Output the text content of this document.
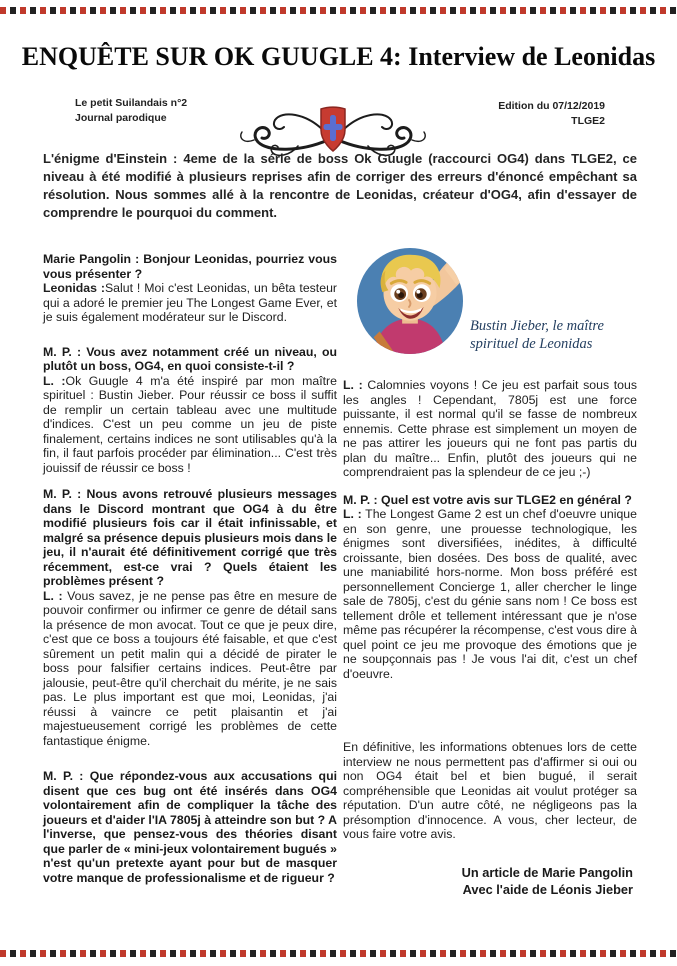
ENQUÊTE SUR OK GUUGLE 4: Interview de Leonidas
Le petit Suilandais n°2
Journal parodique
Edition du 07/12/2019
TLGE2

L'énigme d'Einstein : 4eme de la série de boss Ok Guugle (raccourci OG4) dans TLGE2, ce niveau à été modifié à plusieurs reprises afin de corriger des erreurs d'énoncé empêchant sa résolution. Nous sommes allé à la rencontre de Leonidas, créateur d'OG4, afin d'essayer de comprendre le pourquoi du comment.

Marie Pangolin : Bonjour Leonidas, pourriez vous vous présenter ?

Leonidas :Salut ! Moi c'est Leonidas, un bêta testeur qui a adoré le premier jeu The Longest Game Ever, et je suis également modérateur sur le Discord.

M. P. : Vous avez notamment créé un niveau, ou plutôt un boss, OG4, en quoi consiste-t-il ?

L. :Ok Guugle 4 m'a été inspiré par mon maître spirituel : Bustin Jieber. Pour réussir ce boss il suffit de remplir un certain tableau avec une multitude d'indices. C'est un peu comme un jeu de piste finalement, certains indices ne sont utilisables qu'à la fin, il faut parfois procéder par élimination... C'est très jouissif de réussir ce boss !

M. P. : Nous avons retrouvé plusieurs messages dans le Discord montrant que OG4 à du être modifié plusieurs fois car il était infinissable, et malgré sa présence depuis plusieurs mois dans le jeu, il n'aurait été définitivement corrigé que très récemment, est-ce vrai ? Quels étaient les problèmes présent ?

L. : Vous savez, je ne pense pas être en mesure de pouvoir confirmer ou infirmer ce genre de détail sans la présence de mon avocat. Tout ce que je peux dire, c'est que ce boss a toujours été faisable, et que c'est sûrement un petit malin qui a décidé de pirater le boss pour falsifier certains indices. Peut-être par jalousie, peut-être qu'il cherchait du mérite, je ne sais pas. Le plus important est que moi, Leonidas, j'ai réussi à vaincre ce petit plaisantin et j'ai majestueusement corrigé les problèmes de cette fantastique énigme.

M. P. : Que répondez-vous aux accusations qui disent que ces bug ont été insérés dans OG4 volontairement afin de compliquer la tâche des joueurs et d'aider l'IA 7805j à atteindre son but ? A l'inverse, que pensez-vous des théories disant que parler de « mini-jeux volontairement bugués » n'est qu'un pretexte ayant pour but de masquer votre manque de professionalisme et de rigueur ?

Bustin Jieber, le maître spirituel de Leonidas

L. : Calomnies voyons ! Ce jeu est parfait sous tous les angles ! Cependant, 7805j est une force puissante, il est normal qu'il se fasse de nombreux ennemis. Cette phrase est simplement un moyen de ne pas attirer les joueurs qui ne font pas partis du plan du maître... Enfin, plutôt des joueurs qui ne comprendraient pas la splendeur de ce jeu ;-)

M. P. : Quel est votre avis sur TLGE2 en général ?

L. : The Longest Game 2 est un chef d'oeuvre unique en son genre, une prouesse technologique, les énigmes sont diversifiées, inédites, à difficulté croissante, bien dosées. Des boss de qualité, avec une maniabilité hors-norme. Mon boss préféré est personnellement Concierge 1, aller chercher le linge sale de 7805j, c'est du génie sans nom ! Ce boss est tellement drôle et tellement intéressant que je n'ose même pas récupérer la récompense, c'est vous dire à quel point ce jeu me provoque des émotions que je ne soupçonnais pas ! Je vous l'ai dit, c'est un chef d'oeuvre.

En définitive, les informations obtenues lors de cette interview ne nous permettent pas d'affirmer si oui ou non OG4 était bel et bien bugué, il serait compréhensible que Leonidas ait voulut protéger sa réputation. D'un autre côté, ne négligeons pas la présomption d'innocence. A vous, cher lecteur, de vous faire votre avis.

Un article de Marie Pangolin
Avec l'aide de Léonis Jieber
